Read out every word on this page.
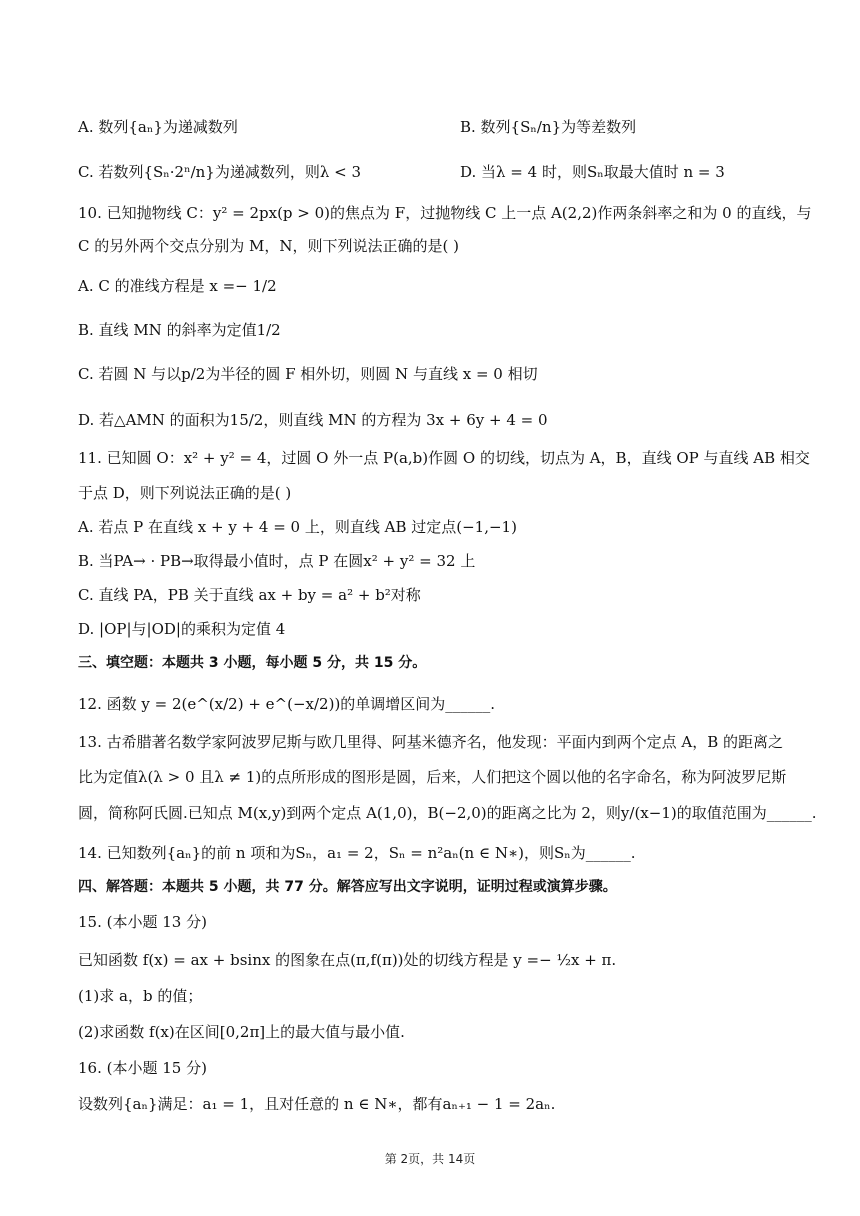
A. 数列{aₙ}为递减数列	B. 数列{Sₙ/n}为等差数列
C. 若数列{Sₙ·2ⁿ/n}为递减数列，则λ < 3	D. 当λ = 4 时，则Sₙ取最大值时 n = 3
10. 已知抛物线 C：y² = 2px(p > 0)的焦点为 F，过抛物线 C 上一点 A(2,2)作两条斜率之和为 0 的直线，与
C 的另外两个交点分别为 M，N，则下列说法正确的是( )
A. C 的准线方程是 x =− 1/2
B. 直线 MN 的斜率为定值1/2
C. 若圆 N 与以p/2为半径的圆 F 相外切，则圆 N 与直线 x = 0 相切
D. 若△AMN 的面积为15/2，则直线 MN 的方程为 3x + 6y + 4 = 0
11. 已知圆 O：x² + y² = 4，过圆 O 外一点 P(a,b)作圆 O 的切线，切点为 A，B，直线 OP 与直线 AB 相交
于点 D，则下列说法正确的是( )
A. 若点 P 在直线 x + y + 4 = 0 上，则直线 AB 过定点(−1,−1)
B. 当PA→ · PB→取得最小值时，点 P 在圆x² + y² = 32 上
C. 直线 PA，PB 关于直线 ax + by = a² + b²对称
D. |OP|与|OD|的乘积为定值 4
三、填空题：本题共 3 小题，每小题 5 分，共 15 分。
12. 函数 y = 2(e^(x/2) + e^(−x/2))的单调增区间为______.
13. 古希腊著名数学家阿波罗尼斯与欧几里得、阿基米德齐名，他发现：平面内到两个定点 A，B 的距离之
比为定值λ(λ > 0 且λ ≠ 1)的点所形成的图形是圆，后来，人们把这个圆以他的名字命名，称为阿波罗尼斯
圆，简称阿氏圆.已知点 M(x,y)到两个定点 A(1,0)，B(−2,0)的距离之比为 2，则y/(x−1)的取值范围为______.
14. 已知数列{aₙ}的前 n 项和为Sₙ，a₁ = 2，Sₙ = n²aₙ(n ∈ N∗)，则Sₙ为______.
四、解答题：本题共 5 小题，共 77 分。解答应写出文字说明，证明过程或演算步骤。
15. (本小题 13 分)
已知函数 f(x) = ax + bsinx 的图象在点(π,f(π))处的切线方程是 y =− ½x + π.
(1)求 a，b 的值；
(2)求函数 f(x)在区间[0,2π]上的最大值与最小值.
16. (本小题 15 分)
设数列{aₙ}满足：a₁ = 1，且对任意的 n ∈ N∗，都有aₙ₊₁ − 1 = 2aₙ.
第 2页，共 14页
